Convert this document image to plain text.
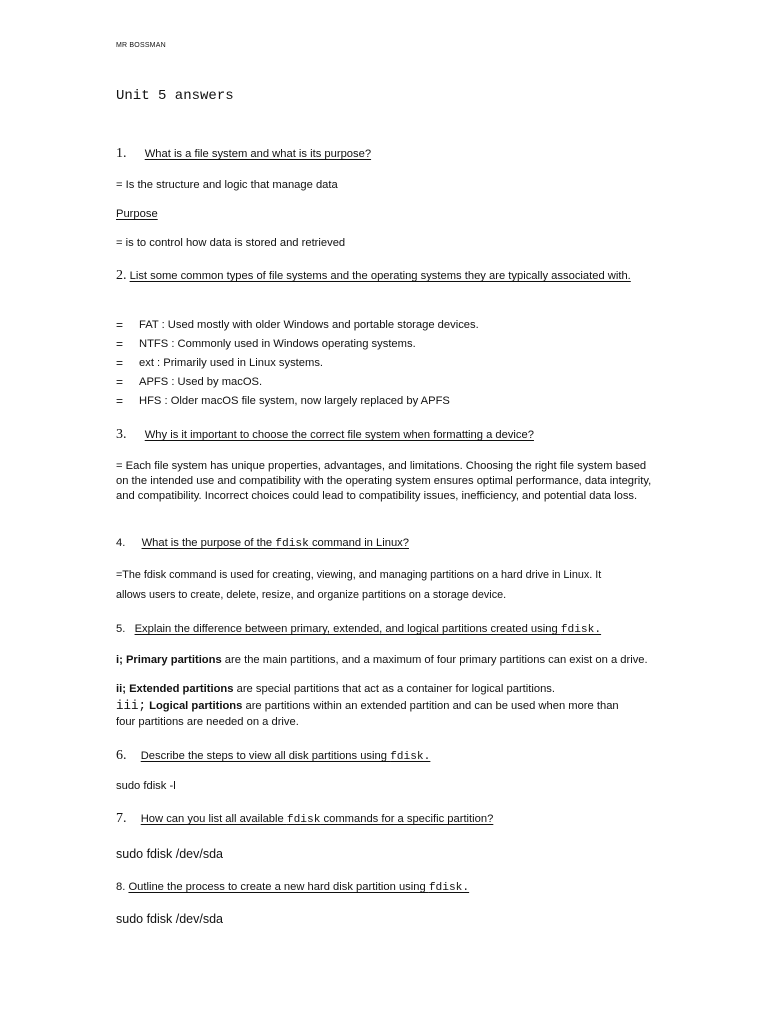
MR BOSSMAN
Unit 5 answers
1. What is a file system and what is its purpose?
= Is the structure and logic that manage data
Purpose
= is to control how data is stored and retrieved
2. List some common types of file systems and the operating systems they are typically associated with.
= FAT : Used mostly with older Windows and portable storage devices.
= NTFS : Commonly used in Windows operating systems.
= ext : Primarily used in Linux systems.
= APFS : Used by macOS.
= HFS : Older macOS file system, now largely replaced by APFS
3. Why is it important to choose the correct file system when formatting a device?
= Each file system has unique properties, advantages, and limitations. Choosing the right file system based on the intended use and compatibility with the operating system ensures optimal performance, data integrity, and compatibility. Incorrect choices could lead to compatibility issues, inefficiency, and potential data loss.
4. What is the purpose of the fdisk command in Linux?
=The fdisk command is used for creating, viewing, and managing partitions on a hard drive in Linux. It
allows users to create, delete, resize, and organize partitions on a storage device.
5. Explain the difference between primary, extended, and logical partitions created using fdisk.
i; Primary partitions are the main partitions, and a maximum of four primary partitions can exist on a drive.
ii; Extended partitions are special partitions that act as a container for logical partitions.
iii; Logical partitions are partitions within an extended partition and can be used when more than
four partitions are needed on a drive.
6. Describe the steps to view all disk partitions using fdisk.
sudo fdisk -l
7. How can you list all available fdisk commands for a specific partition?
sudo fdisk /dev/sda
8. Outline the process to create a new hard disk partition using fdisk.
sudo fdisk /dev/sda
